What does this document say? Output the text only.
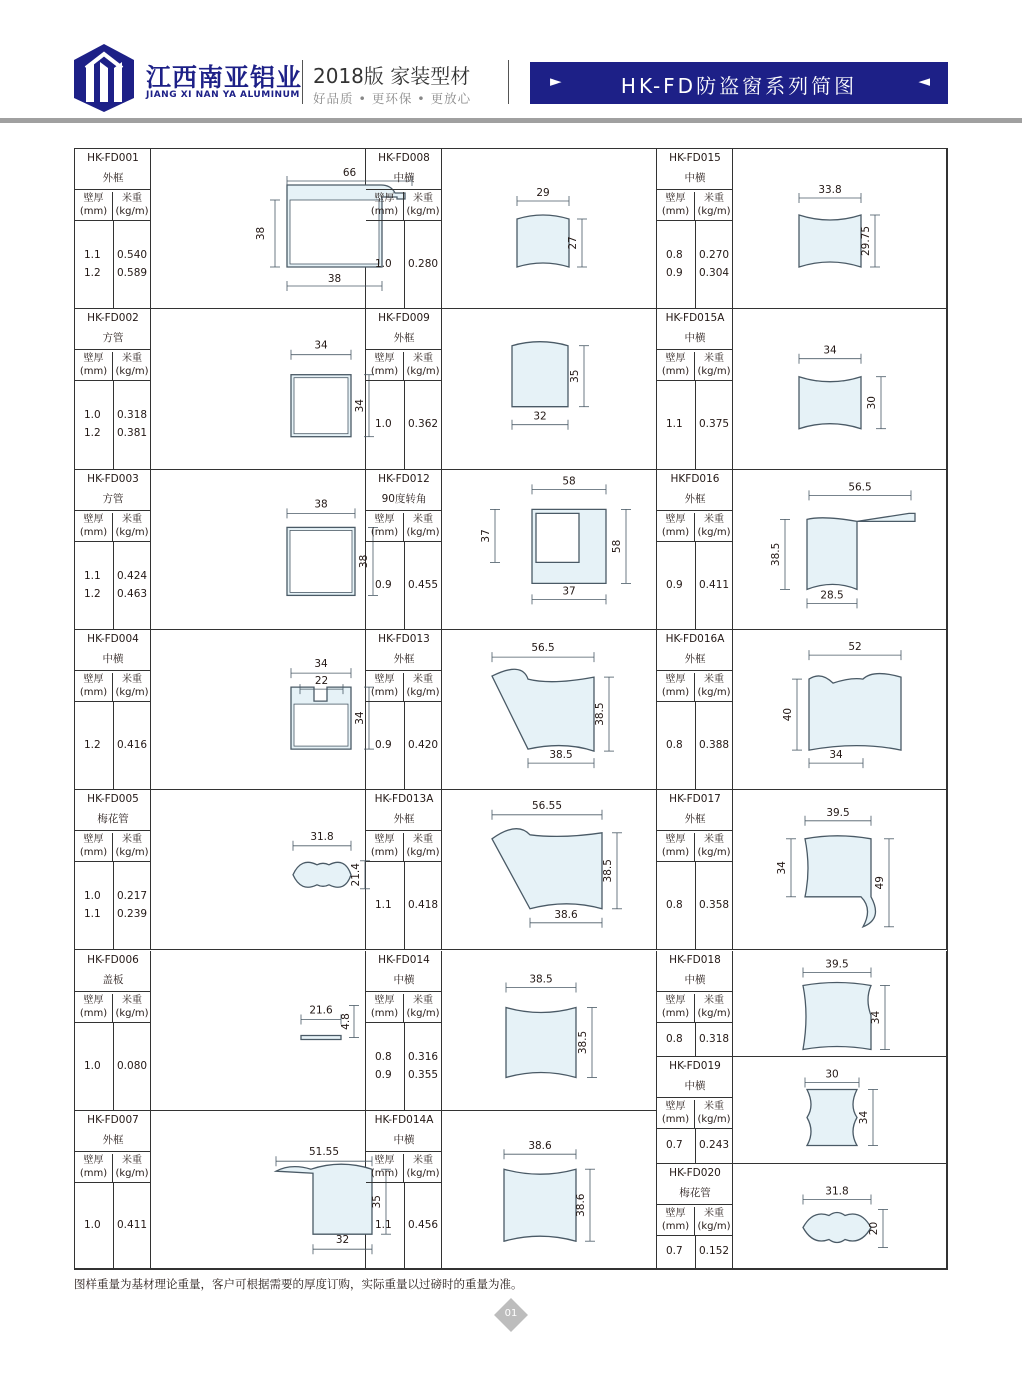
江西南亚铝业
JIANG XI NAN YA ALUMINUM
2018版 家装型材
好品质 • 更环保 • 更放心
►	HK-FD防盗窗系列简图	◄
HK-FD001
外框
壁厚
(mm)
米重
(kg/m)
1.1 0.540
1.2 0.589
66
38
38
HK-FD002
方管
壁厚
(mm)
米重
(kg/m)
1.0 0.318
1.2 0.381
34
34
HK-FD003
方管
壁厚
(mm)
米重
(kg/m)
1.1 0.424
1.2 0.463
38
38
HK-FD004
中横
壁厚
(mm)
米重
(kg/m)
1.2 0.416
34
22
34
HK-FD005
梅花管
壁厚
(mm)
米重
(kg/m)
1.0 0.217
1.1 0.239
31.8
21.4
HK-FD006
盖板
壁厚
(mm)
米重
(kg/m)
1.0 0.080
21.6
4.8
HK-FD007
外框
壁厚
(mm)
米重
(kg/m)
1.0 0.411
51.55
35
32
HK-FD008
中横
壁厚
(mm)
米重
(kg/m)
1.0 0.280
29
27
HK-FD009
外框
壁厚
(mm)
米重
(kg/m)
1.0 0.362
35
32
HK-FD012
90度转角
壁厚
(mm)
米重
(kg/m)
0.9 0.455
58
37
58
37
HK-FD013
外框
壁厚
(mm)
米重
(kg/m)
0.9 0.420
56.5
38.5
38.5
HK-FD013A
外框
壁厚
(mm)
米重
(kg/m)
1.1 0.418
56.55
38.5
38.6
HK-FD014
中横
壁厚
(mm)
米重
(kg/m)
0.8 0.316
0.9 0.355
38.5
38.5
HK-FD014A
中横
壁厚
(mm)
米重
(kg/m)
1.1 0.456
38.6
38.6
HK-FD015
中横
壁厚
(mm)
米重
(kg/m)
0.8 0.270
0.9 0.304
33.8
29.75
HK-FD015A
中横
壁厚
(mm)
米重
(kg/m)
1.1 0.375
34
30
HKFD016
外框
壁厚
(mm)
米重
(kg/m)
0.9 0.411
56.5
38.5
28.5
HK-FD016A
外框
壁厚
(mm)
米重
(kg/m)
0.8 0.388
52
40
34
HK-FD017
外框
壁厚
(mm)
米重
(kg/m)
0.8 0.358
39.5
34
49
HK-FD018
中横
壁厚
(mm)
米重
(kg/m)
0.8 0.318
39.5
34
HK-FD019
中横
壁厚
(mm)
米重
(kg/m)
0.7 0.243
30
34
HK-FD020
梅花管
壁厚
(mm)
米重
(kg/m)
0.7 0.152
31.8
20
图样重量为基材理论重量，客户可根据需要的厚度订购，实际重量以过磅时的重量为准。
01
